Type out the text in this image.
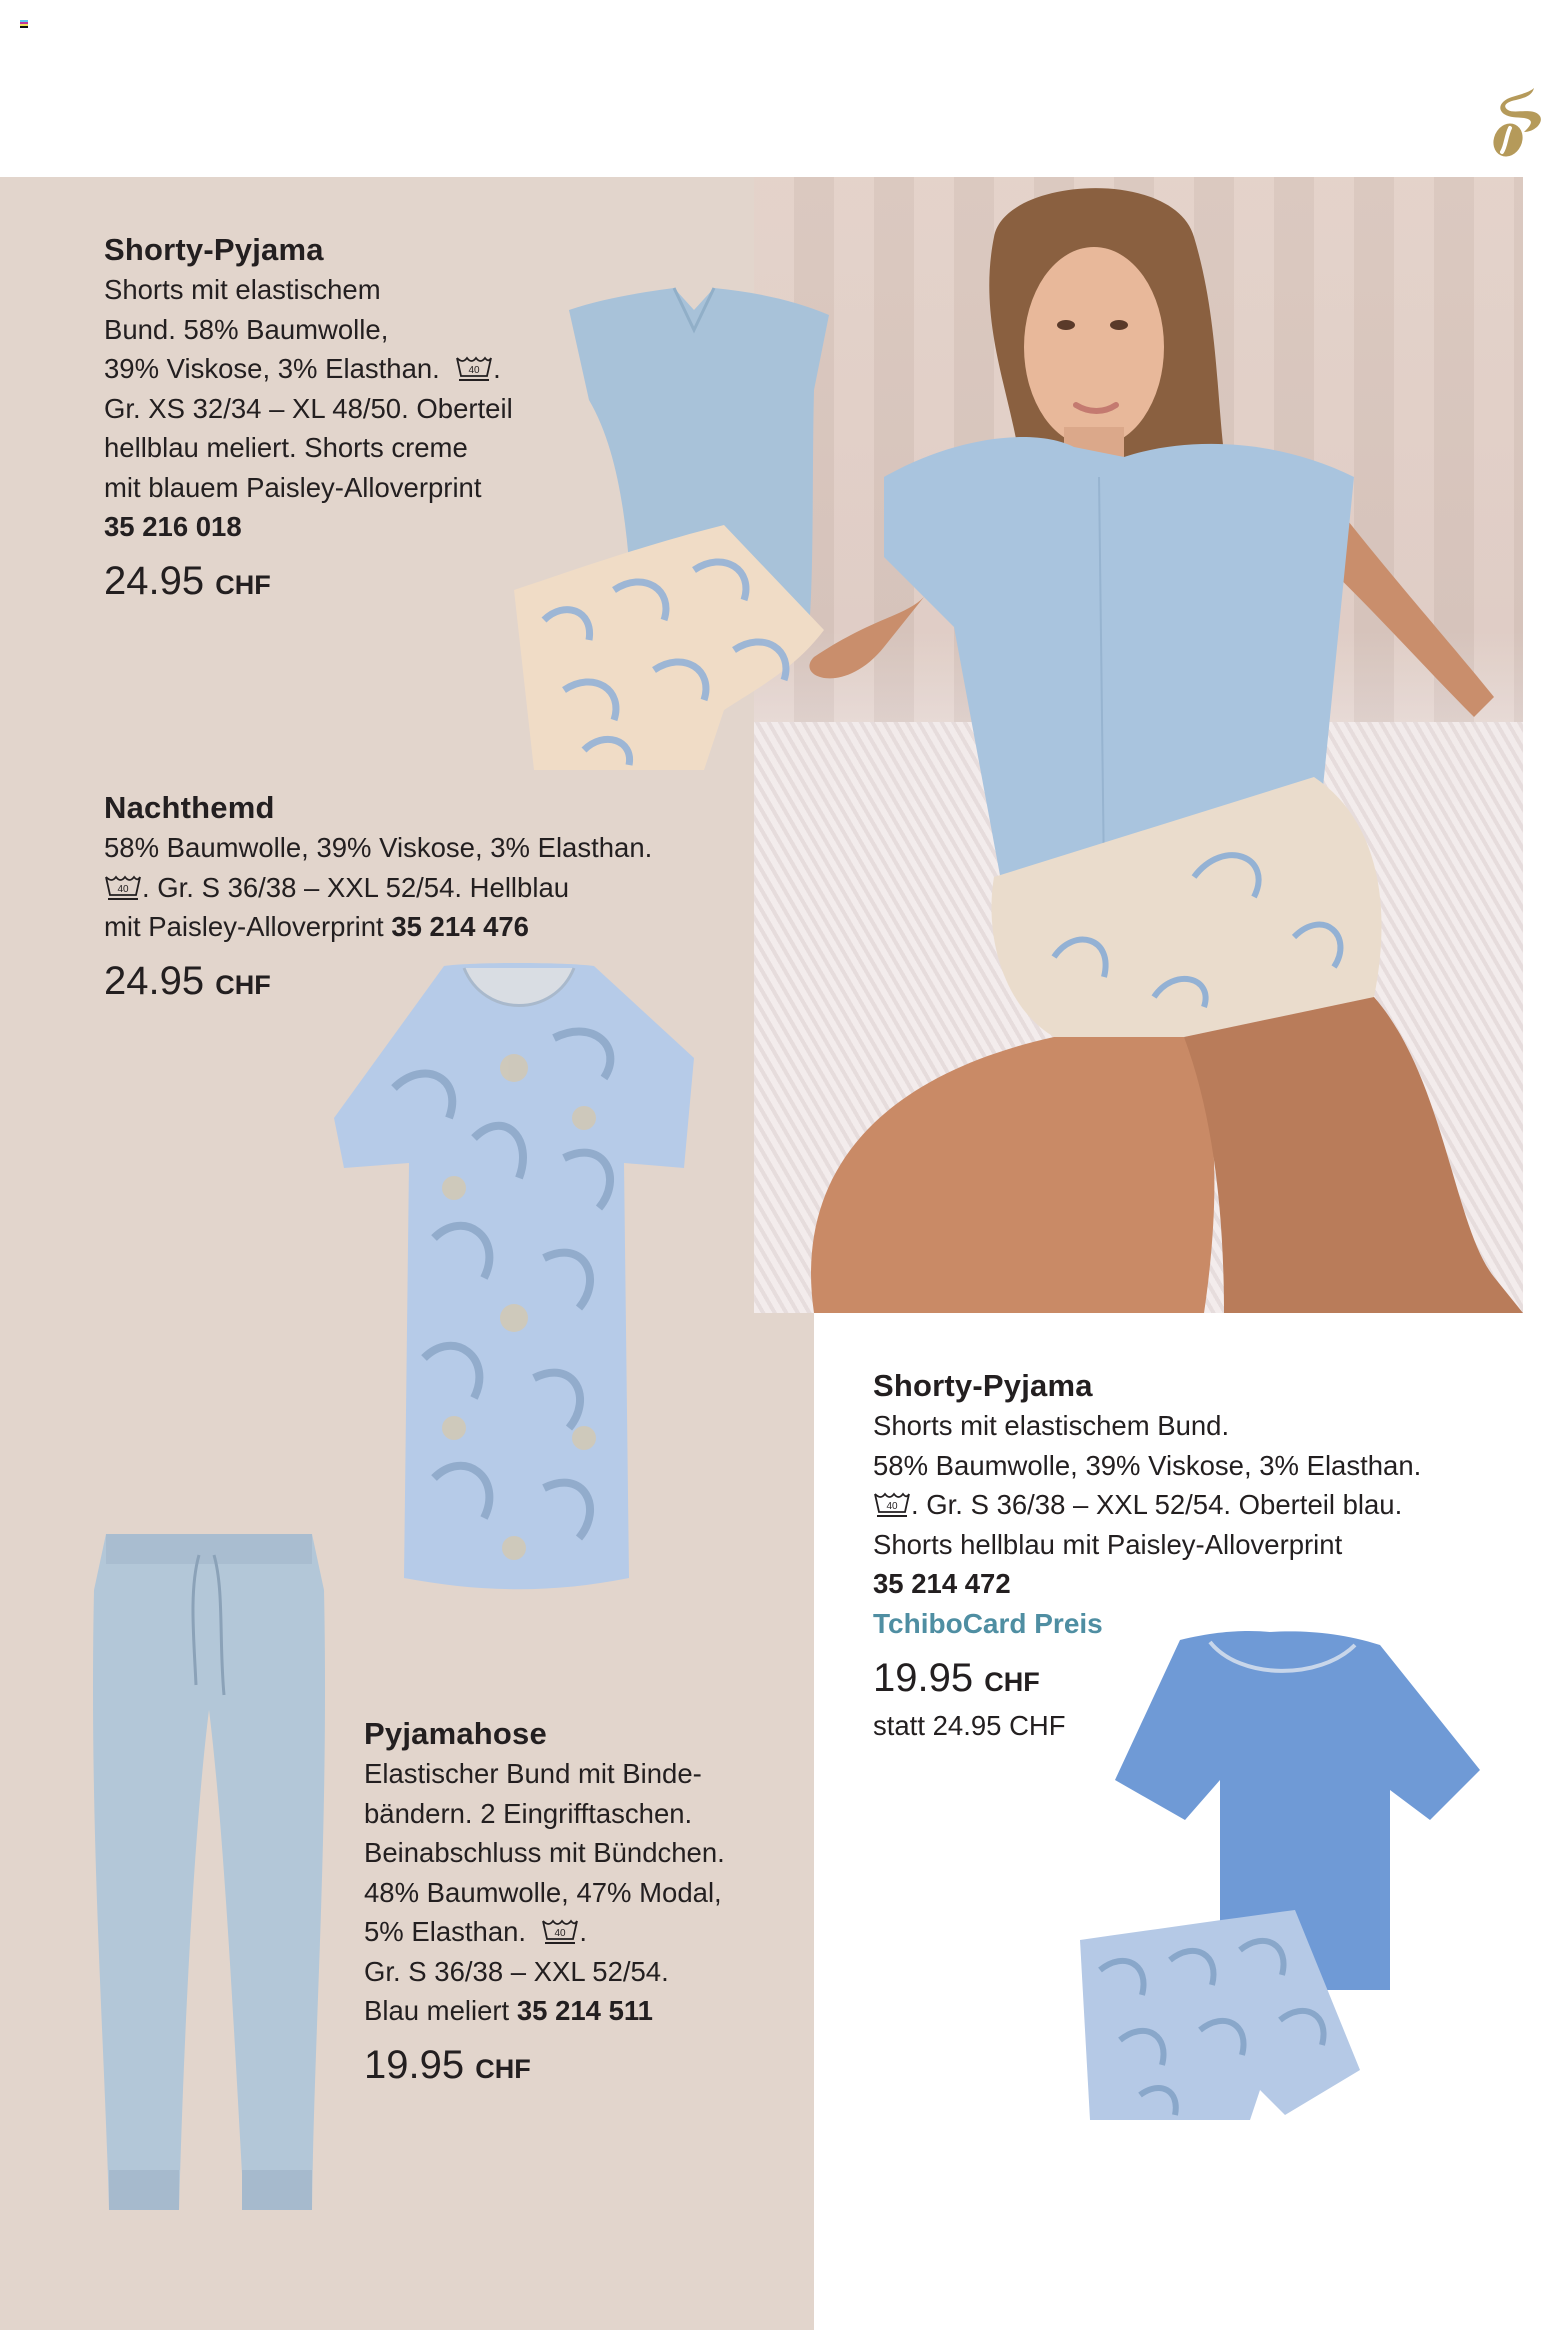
Shorty-Pyjama
Shorts mit elastischem
Bund. 58% Baumwolle,
39% Viskose, 3% Elasthan.	40 .
Gr. XS 32/34 – XL 48/50. Oberteil
hellblau meliert. Shorts creme
mit blauem Paisley-Alloverprint
35 216 018
24.95 CHF
Nachthemd
58% Baumwolle, 39% Viskose, 3% Elasthan.
40 . Gr. S 36/38 – XXL 52/54. Hellblau
mit Paisley-Alloverprint 35 214 476
24.95 CHF
Pyjamahose
Elastischer Bund mit Binde-
bändern. 2 Eingrifftaschen.
Beinabschluss mit Bündchen.
48% Baumwolle, 47% Modal,
5% Elasthan.	40 .
Gr. S 36/38 – XXL 52/54.
Blau meliert 35 214 511
19.95 CHF
Shorty-Pyjama
Shorts mit elastischem Bund.
58% Baumwolle, 39% Viskose, 3% Elasthan.
40 . Gr. S 36/38 – XXL 52/54. Oberteil blau.
Shorts hellblau mit Paisley-Alloverprint
35 214 472
TchiboCard Preis
19.95 CHF
statt 24.95 CHF
